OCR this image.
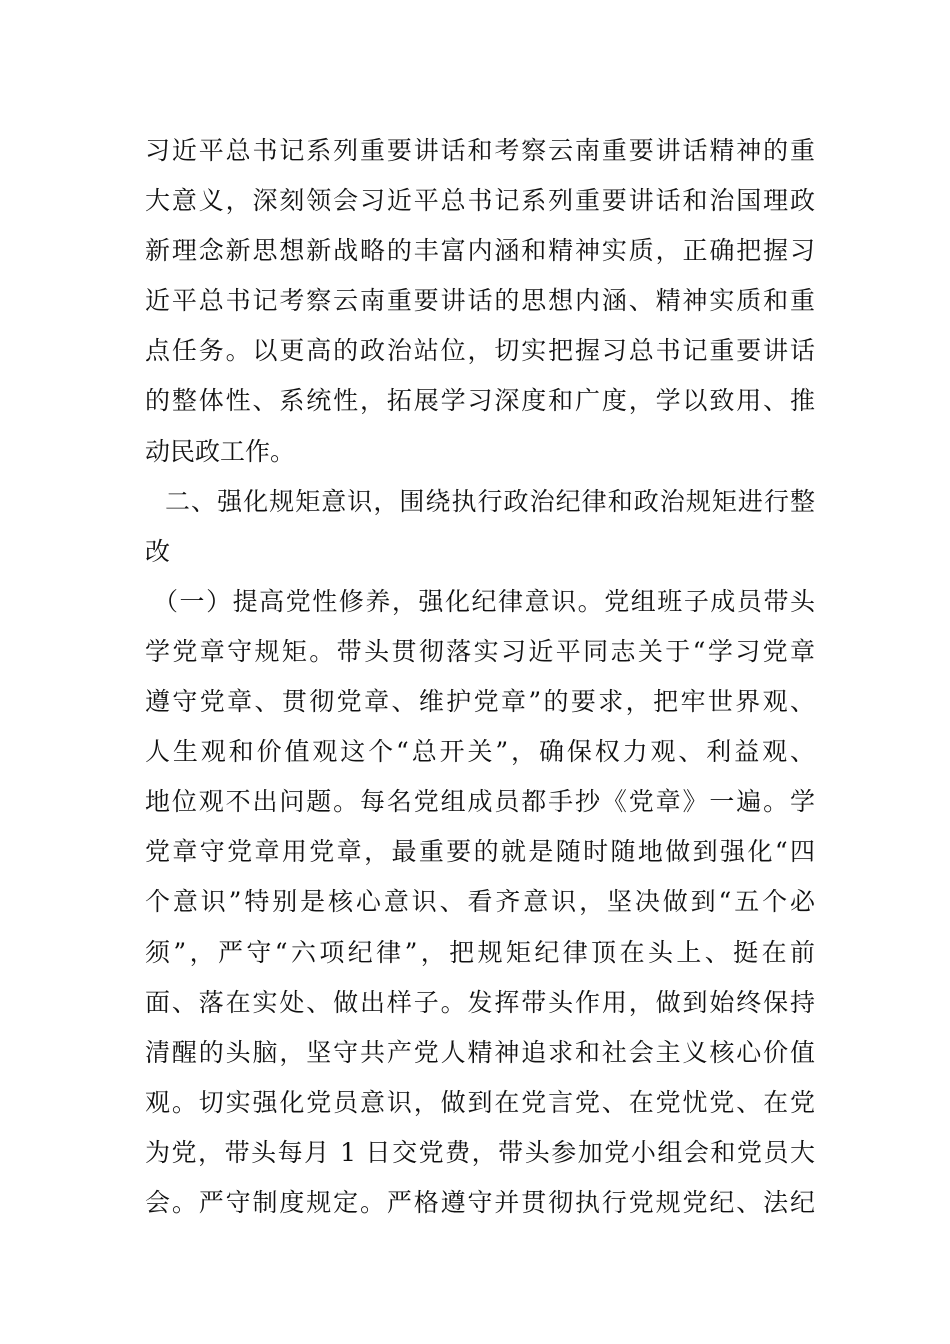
习近平总书记系列重要讲话和考察云南重要讲话精神的重

大意义，深刻领会习近平总书记系列重要讲话和治国理政

新理念新思想新战略的丰富内涵和精神实质，正确把握习

近平总书记考察云南重要讲话的思想内涵、精神实质和重

点任务。以更高的政治站位，切实把握习总书记重要讲话

的整体性、系统性，拓展学习深度和广度，学以致用、推

动民政工作。

二、强化规矩意识，围绕执行政治纪律和政治规矩进行整

改

（一）提高党性修养，强化纪律意识。党组班子成员带头

学党章守规矩。带头贯彻落实习近平同志关于“学习党章

遵守党章、贯彻党章、维护党章”的要求，把牢世界观、

人生观和价值观这个“总开关”，确保权力观、利益观、

地位观不出问题。每名党组成员都手抄《党章》一遍。学

党章守党章用党章，最重要的就是随时随地做到强化“四

个意识”特别是核心意识、看齐意识，坚决做到“五个必

须”，严守“六项纪律”，把规矩纪律顶在头上、挺在前

面、落在实处、做出样子。发挥带头作用，做到始终保持

清醒的头脑，坚守共产党人精神追求和社会主义核心价值

观。切实强化党员意识，做到在党言党、在党忧党、在党

为党，带头每月 1 日交党费，带头参加党小组会和党员大

会。严守制度规定。严格遵守并贯彻执行党规党纪、法纪
